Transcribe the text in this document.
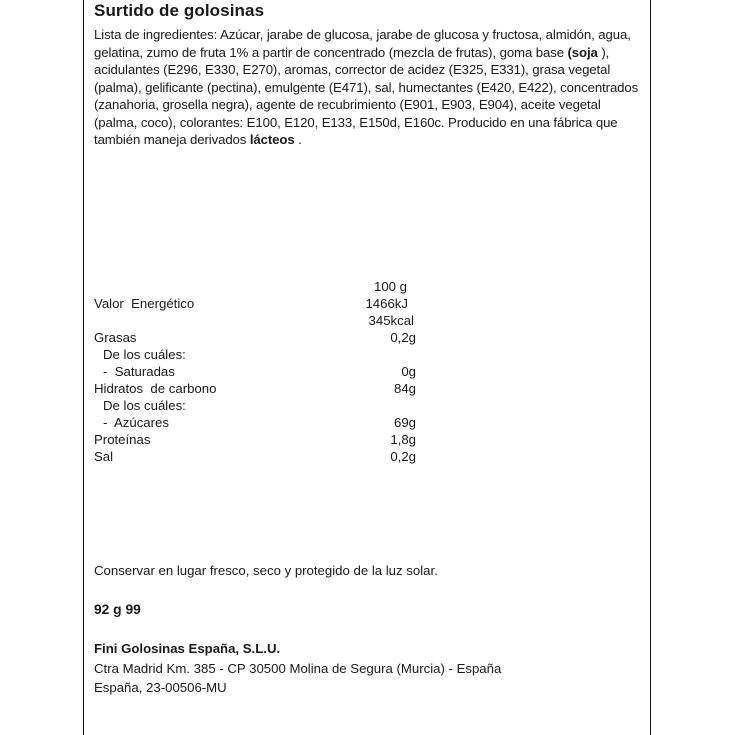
Surtido de golosinas
Lista de ingredientes: Azúcar, jarabe de glucosa, jarabe de glucosa y fructosa, almidón, agua, gelatina, zumo de fruta 1% a partir de concentrado (mezcla de frutas), goma base (soja ), acidulantes (E296, E330, E270), aromas, corrector de acidez (E325, E331), grasa vegetal (palma), gelificante (pectina), emulgente (E471), sal, humectantes (E420, E422), concentrados (zanahoria, grosella negra), agente de recubrimiento (E901, E903, E904), aceite vegetal (palma, coco), colorantes: E100, E120, E133, E150d, E160c. Producido en una fábrica que también maneja derivados lácteos .
100 g
Valor  Energético	1466kJ
345kcal
Grasas	0,2g
De los cuáles:
-  Saturadas	0g
Hidratos  de carbono	84g
De los cuáles:
-  Azúcares	69g
Proteínas	1,8g
Sal	0,2g
Conservar en lugar fresco, seco y protegido de la luz solar.
92 g 99
Fini Golosinas España, S.L.U.
Ctra Madrid Km. 385 - CP 30500 Molina de Segura (Murcia) - España
España, 23-00506-MU
